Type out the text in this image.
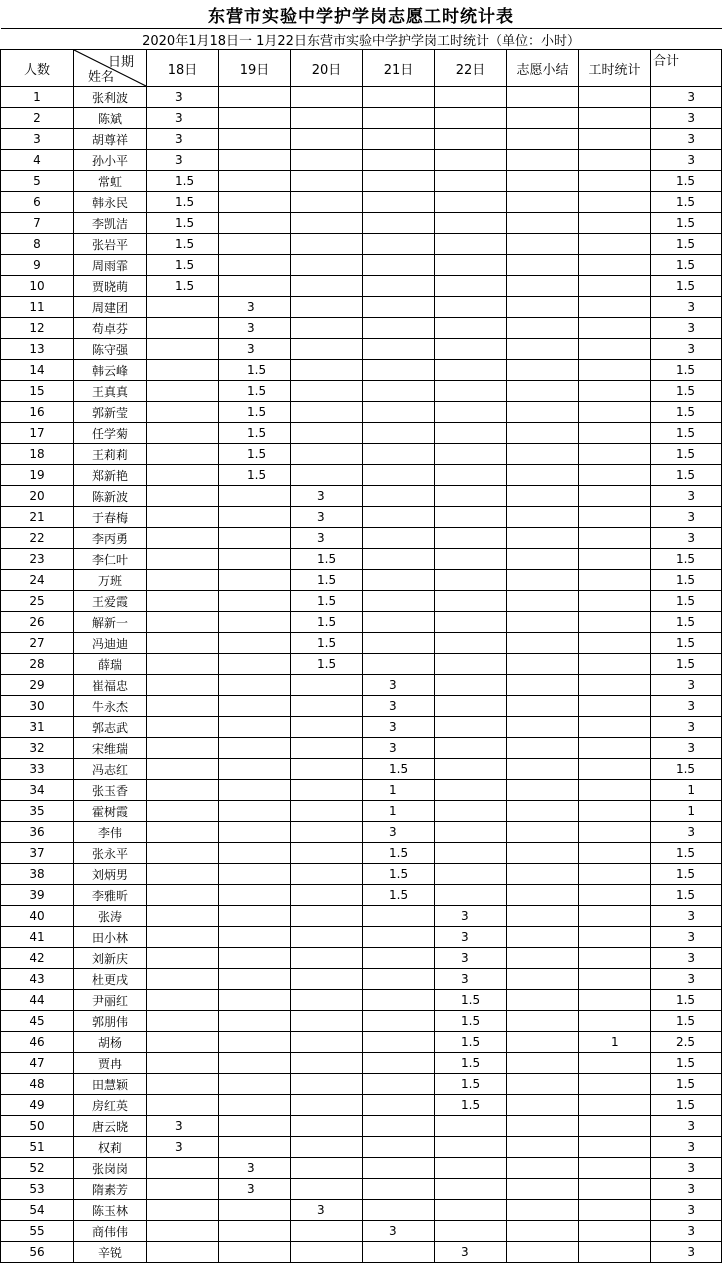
东营市实验中学护学岗志愿工时统计表									
2020年1月18日一 1月22日东营市实验中学护学岗工时统计（单位：小时）									
人数	日期
姓名	18日	19日	20日	21日	22日	志愿小结	工时统计	合计
1	张利波	3							3
2	陈斌	3							3
3	胡尊祥	3							3
4	孙小平	3							3
5	常虹	1.5							1.5
6	韩永民	1.5							1.5
7	李凯洁	1.5							1.5
8	张岩平	1.5							1.5
9	周雨霏	1.5							1.5
10	贾晓萌	1.5							1.5
11	周建团		3						3
12	苟卓芬		3						3
13	陈守强		3						3
14	韩云峰		1.5						1.5
15	王真真		1.5						1.5
16	郭新莹		1.5						1.5
17	任学菊		1.5						1.5
18	王莉莉		1.5						1.5
19	郑新艳		1.5						1.5
20	陈新波			3					3
21	于春梅			3					3
22	李丙勇			3					3
23	李仁叶			1.5					1.5
24	万班			1.5					1.5
25	王爱霞			1.5					1.5
26	解新一			1.5					1.5
27	冯迪迪			1.5					1.5
28	薛瑞			1.5					1.5
29	崔福忠				3				3
30	牛永杰				3				3
31	郭志武				3				3
32	宋维瑞				3				3
33	冯志红				1.5				1.5
34	张玉香				1				1
35	霍树霞				1				1
36	李伟				3				3
37	张永平				1.5				1.5
38	刘炳男				1.5				1.5
39	李雅昕				1.5				1.5
40	张涛					3			3
41	田小林					3			3
42	刘新庆					3			3
43	杜更戌					3			3
44	尹丽红					1.5			1.5
45	郭朋伟					1.5			1.5
46	胡杨					1.5		1	2.5
47	贾冉					1.5			1.5
48	田慧颖					1.5			1.5
49	房红英					1.5			1.5
50	唐云晓	3							3
51	权莉	3							3
52	张岗岗		3						3
53	隋素芳		3						3
54	陈玉林			3					3
55	商伟伟				3				3
56	辛锐					3			3
